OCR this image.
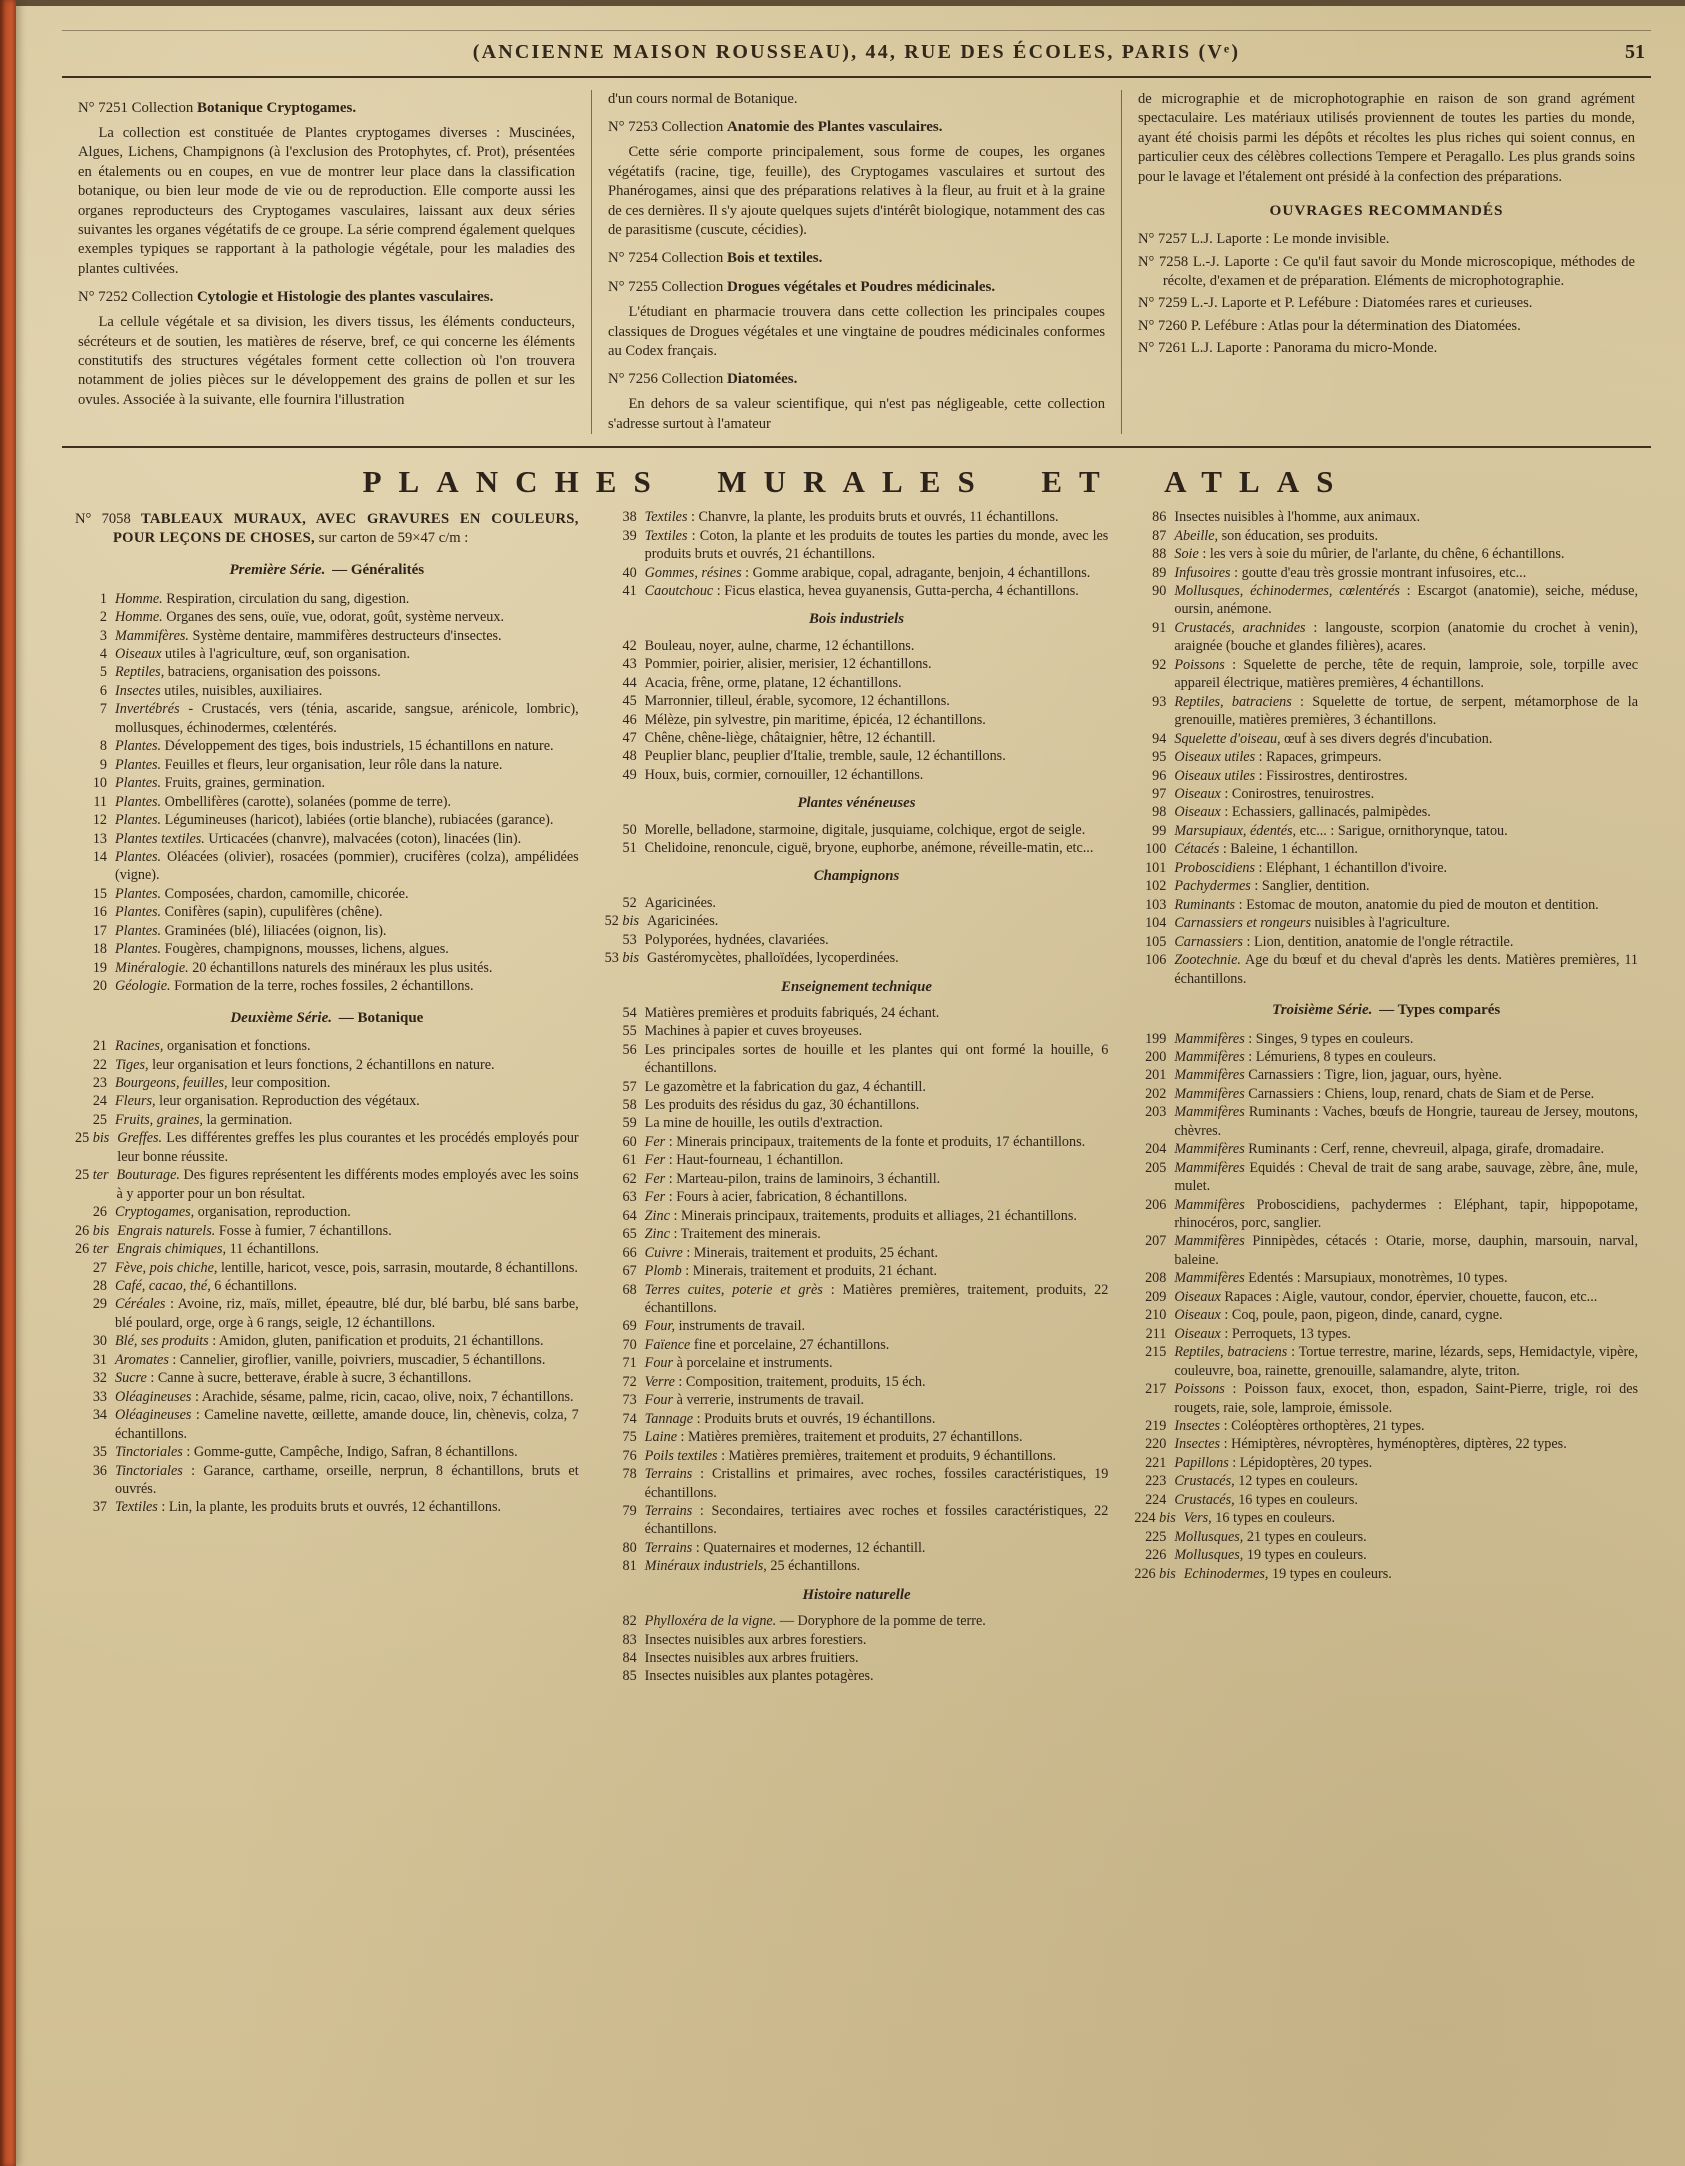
(ANCIENNE MAISON ROUSSEAU), 44, RUE DES ÉCOLES, PARIS (Vᵉ)	51

N° 7251 Collection Botanique Cryptogames.

La collection est constituée de Plantes cryptogames diverses : Muscinées, Algues, Lichens, Champignons (à l'exclusion des Protophytes, cf. Prot), présentées en étalements ou en coupes, en vue de montrer leur place dans la classification botanique, ou bien leur mode de vie ou de reproduction. Elle comporte aussi les organes reproducteurs des Cryptogames vasculaires, laissant aux deux séries suivantes les organes végétatifs de ce groupe. La série comprend également quelques exemples typiques se rapportant à la pathologie végétale, pour les maladies des plantes cultivées.

N° 7252 Collection Cytologie et Histologie des plantes vasculaires.

La cellule végétale et sa division, les divers tissus, les éléments conducteurs, sécréteurs et de soutien, les matières de réserve, bref, ce qui concerne les éléments constitutifs des structures végétales forment cette collection où l'on trouvera notamment de jolies pièces sur le développement des grains de pollen et sur les ovules. Associée à la suivante, elle fournira l'illustration

d'un cours normal de Botanique.

N° 7253 Collection Anatomie des Plantes vasculaires.

Cette série comporte principalement, sous forme de coupes, les organes végétatifs (racine, tige, feuille), des Cryptogames vasculaires et surtout des Phanérogames, ainsi que des préparations relatives à la fleur, au fruit et à la graine de ces dernières. Il s'y ajoute quelques sujets d'intérêt biologique, notamment des cas de parasitisme (cuscute, cécidies).

N° 7254 Collection Bois et textiles.

N° 7255 Collection Drogues végétales et Poudres médicinales.

L'étudiant en pharmacie trouvera dans cette collection les principales coupes classiques de Drogues végétales et une vingtaine de poudres médicinales conformes au Codex français.

N° 7256 Collection Diatomées.

En dehors de sa valeur scientifique, qui n'est pas négligeable, cette collection s'adresse surtout à l'amateur

de micrographie et de microphotographie en raison de son grand agrément spectaculaire. Les matériaux utilisés proviennent de toutes les parties du monde, ayant été choisis parmi les dépôts et récoltes les plus riches qui soient connus, en particulier ceux des célèbres collections Tempere et Peragallo. Les plus grands soins pour le lavage et l'étalement ont présidé à la confection des préparations.

OUVRAGES RECOMMANDÉS

N° 7257 L.J. Laporte : Le monde invisible.

N° 7258 L.-J. Laporte : Ce qu'il faut savoir du Monde microscopique, méthodes de récolte, d'examen et de préparation. Eléments de microphotographie.

N° 7259 L.-J. Laporte et P. Lefébure : Diatomées rares et curieuses.

N° 7260 P. Lefébure : Atlas pour la détermination des Diatomées.

N° 7261 L.J. Laporte : Panorama du micro-Monde.

PLANCHES MURALES ET ATLAS

N° 7058 TABLEAUX MURAUX, AVEC GRAVURES EN COULEURS, POUR LEÇONS DE CHOSES, sur carton de 59×47 c/m :

Première Série. — Généralités

1 Homme. Respiration, circulation du sang, digestion.
2 Homme. Organes des sens, ouïe, vue, odorat, goût, système nerveux.
3 Mammifères. Système dentaire, mammifères destructeurs d'insectes.
4 Oiseaux utiles à l'agriculture, œuf, son organisation.
5 Reptiles, batraciens, organisation des poissons.
6 Insectes utiles, nuisibles, auxiliaires.
7 Invertébrés - Crustacés, vers (ténia, ascaride, sangsue, arénicole, lombric), mollusques, échinodermes, cœlentérés.
8 Plantes. Développement des tiges, bois industriels, 15 échantillons en nature.
9 Plantes. Feuilles et fleurs, leur organisation, leur rôle dans la nature.
10 Plantes. Fruits, graines, germination.
11 Plantes. Ombellifères (carotte), solanées (pomme de terre).
12 Plantes. Légumineuses (haricot), labiées (ortie blanche), rubiacées (garance).
13 Plantes textiles. Urticacées (chanvre), malvacées (coton), linacées (lin).
14 Plantes. Oléacées (olivier), rosacées (pommier), crucifères (colza), ampélidées (vigne).
15 Plantes. Composées, chardon, camomille, chicorée.
16 Plantes. Conifères (sapin), cupulifères (chêne).
17 Plantes. Graminées (blé), liliacées (oignon, lis).
18 Plantes. Fougères, champignons, mousses, lichens, algues.
19 Minéralogie. 20 échantillons naturels des minéraux les plus usités.
20 Géologie. Formation de la terre, roches fossiles, 2 échantillons.

Deuxième Série. — Botanique

21 Racines, organisation et fonctions.
22 Tiges, leur organisation et leurs fonctions, 2 échantillons en nature.
23 Bourgeons, feuilles, leur composition.
24 Fleurs, leur organisation. Reproduction des végétaux.
25 Fruits, graines, la germination.
25 bis Greffes. Les différentes greffes les plus courantes et les procédés employés pour leur bonne réussite.
25 ter Bouturage. Des figures représentent les différents modes employés avec les soins à y apporter pour un bon résultat.
26 Cryptogames, organisation, reproduction.
26 bis Engrais naturels. Fosse à fumier, 7 échantillons.
26 ter Engrais chimiques, 11 échantillons.
27 Fève, pois chiche, lentille, haricot, vesce, pois, sarrasin, moutarde, 8 échantillons.
28 Café, cacao, thé, 6 échantillons.
29 Céréales : Avoine, riz, maïs, millet, épeautre, blé dur, blé barbu, blé sans barbe, blé poulard, orge, orge à 6 rangs, seigle, 12 échantillons.
30 Blé, ses produits : Amidon, gluten, panification et produits, 21 échantillons.
31 Aromates : Cannelier, giroflier, vanille, poivriers, muscadier, 5 échantillons.
32 Sucre : Canne à sucre, betterave, érable à sucre, 3 échantillons.
33 Oléagineuses : Arachide, sésame, palme, ricin, cacao, olive, noix, 7 échantillons.
34 Oléagineuses : Cameline navette, œillette, amande douce, lin, chènevis, colza, 7 échantillons.
35 Tinctoriales : Gomme-gutte, Campêche, Indigo, Safran, 8 échantillons.
36 Tinctoriales : Garance, carthame, orseille, nerprun, 8 échantillons, bruts et ouvrés.
37 Textiles : Lin, la plante, les produits bruts et ouvrés, 12 échantillons.
38 Textiles : Chanvre, la plante, les produits bruts et ouvrés, 11 échantillons.
39 Textiles : Coton, la plante et les produits de toutes les parties du monde, avec les produits bruts et ouvrés, 21 échantillons.
40 Gommes, résines : Gomme arabique, copal, adragante, benjoin, 4 échantillons.
41 Caoutchouc : Ficus elastica, hevea guyanensis, Gutta-percha, 4 échantillons.

Bois industriels

42 Bouleau, noyer, aulne, charme, 12 échantillons.
43 Pommier, poirier, alisier, merisier, 12 échantillons.
44 Acacia, frêne, orme, platane, 12 échantillons.
45 Marronnier, tilleul, érable, sycomore, 12 échantillons.
46 Mélèze, pin sylvestre, pin maritime, épicéa, 12 échantillons.
47 Chêne, chêne-liège, châtaignier, hêtre, 12 échantill.
48 Peuplier blanc, peuplier d'Italie, tremble, saule, 12 échantillons.
49 Houx, buis, cormier, cornouiller, 12 échantillons.

Plantes vénéneuses

50 Morelle, belladone, starmoine, digitale, jusquiame, colchique, ergot de seigle.
51 Chelidoine, renoncule, ciguë, bryone, euphorbe, anémone, réveille-matin, etc...

Champignons

52 Agaricinées.
52 bis Agaricinées.
53 Polyporées, hydnées, clavariées.
53 bis Gastéromycètes, phalloïdées, lycoperdinées.

Enseignement technique

54 Matières premières et produits fabriqués, 24 échant.
55 Machines à papier et cuves broyeuses.
56 Les principales sortes de houille et les plantes qui ont formé la houille, 6 échantillons.
57 Le gazomètre et la fabrication du gaz, 4 échantill.
58 Les produits des résidus du gaz, 30 échantillons.
59 La mine de houille, les outils d'extraction.
60 Fer : Minerais principaux, traitements de la fonte et produits, 17 échantillons.
61 Fer : Haut-fourneau, 1 échantillon.
62 Fer : Marteau-pilon, trains de laminoirs, 3 échantill.
63 Fer : Fours à acier, fabrication, 8 échantillons.
64 Zinc : Minerais principaux, traitements, produits et alliages, 21 échantillons.
65 Zinc : Traitement des minerais.
66 Cuivre : Minerais, traitement et produits, 25 échant.
67 Plomb : Minerais, traitement et produits, 21 échant.
68 Terres cuites, poterie et grès : Matières premières, traitement, produits, 22 échantillons.
69 Four, instruments de travail.
70 Faïence fine et porcelaine, 27 échantillons.
71 Four à porcelaine et instruments.
72 Verre : Composition, traitement, produits, 15 éch.
73 Four à verrerie, instruments de travail.
74 Tannage : Produits bruts et ouvrés, 19 échantillons.
75 Laine : Matières premières, traitement et produits, 27 échantillons.
76 Poils textiles : Matières premières, traitement et produits, 9 échantillons.
78 Terrains : Cristallins et primaires, avec roches, fossiles caractéristiques, 19 échantillons.
79 Terrains : Secondaires, tertiaires avec roches et fossiles caractéristiques, 22 échantillons.
80 Terrains : Quaternaires et modernes, 12 échantill.
81 Minéraux industriels, 25 échantillons.

Histoire naturelle

82 Phylloxéra de la vigne. — Doryphore de la pomme de terre.
83 Insectes nuisibles aux arbres forestiers.
84 Insectes nuisibles aux arbres fruitiers.
85 Insectes nuisibles aux plantes potagères.
86 Insectes nuisibles à l'homme, aux animaux.
87 Abeille, son éducation, ses produits.
88 Soie : les vers à soie du mûrier, de l'arlante, du chêne, 6 échantillons.
89 Infusoires : goutte d'eau très grossie montrant infusoires, etc...
90 Mollusques, échinodermes, cœlentérés : Escargot (anatomie), seiche, méduse, oursin, anémone.
91 Crustacés, arachnides : langouste, scorpion (anatomie du crochet à venin), araignée (bouche et glandes filières), acares.
92 Poissons : Squelette de perche, tête de requin, lamproie, sole, torpille avec appareil électrique, matières premières, 4 échantillons.
93 Reptiles, batraciens : Squelette de tortue, de serpent, métamorphose de la grenouille, matières premières, 3 échantillons.
94 Squelette d'oiseau, œuf à ses divers degrés d'incubation.
95 Oiseaux utiles : Rapaces, grimpeurs.
96 Oiseaux utiles : Fissirostres, dentirostres.
97 Oiseaux : Conirostres, tenuirostres.
98 Oiseaux : Echassiers, gallinacés, palmipèdes.
99 Marsupiaux, édentés, etc... : Sarigue, ornithorynque, tatou.
100 Cétacés : Baleine, 1 échantillon.
101 Proboscidiens : Eléphant, 1 échantillon d'ivoire.
102 Pachydermes : Sanglier, dentition.
103 Ruminants : Estomac de mouton, anatomie du pied de mouton et dentition.
104 Carnassiers et rongeurs nuisibles à l'agriculture.
105 Carnassiers : Lion, dentition, anatomie de l'ongle rétractile.
106 Zootechnie. Age du bœuf et du cheval d'après les dents. Matières premières, 11 échantillons.

Troisième Série. — Types comparés

199 Mammifères : Singes, 9 types en couleurs.
200 Mammifères : Lémuriens, 8 types en couleurs.
201 Mammifères Carnassiers : Tigre, lion, jaguar, ours, hyène.
202 Mammifères Carnassiers : Chiens, loup, renard, chats de Siam et de Perse.
203 Mammifères Ruminants : Vaches, bœufs de Hongrie, taureau de Jersey, moutons, chèvres.
204 Mammifères Ruminants : Cerf, renne, chevreuil, alpaga, girafe, dromadaire.
205 Mammifères Equidés : Cheval de trait de sang arabe, sauvage, zèbre, âne, mule, mulet.
206 Mammifères Proboscidiens, pachydermes : Eléphant, tapir, hippopotame, rhinocéros, porc, sanglier.
207 Mammifères Pinnipèdes, cétacés : Otarie, morse, dauphin, marsouin, narval, baleine.
208 Mammifères Edentés : Marsupiaux, monotrèmes, 10 types.
209 Oiseaux Rapaces : Aigle, vautour, condor, épervier, chouette, faucon, etc...
210 Oiseaux : Coq, poule, paon, pigeon, dinde, canard, cygne.
211 Oiseaux : Perroquets, 13 types.
215 Reptiles, batraciens : Tortue terrestre, marine, lézards, seps, Hemidactyle, vipère, couleuvre, boa, rainette, grenouille, salamandre, alyte, triton.
217 Poissons : Poisson faux, exocet, thon, espadon, Saint-Pierre, trigle, roi des rougets, raie, sole, lamproie, émissole.
219 Insectes : Coléoptères orthoptères, 21 types.
220 Insectes : Hémiptères, névroptères, hyménoptères, diptères, 22 types.
221 Papillons : Lépidoptères, 20 types.
223 Crustacés, 12 types en couleurs.
224 Crustacés, 16 types en couleurs.
224 bis Vers, 16 types en couleurs.
225 Mollusques, 21 types en couleurs.
226 Mollusques, 19 types en couleurs.
226 bis Echinodermes, 19 types en couleurs.
